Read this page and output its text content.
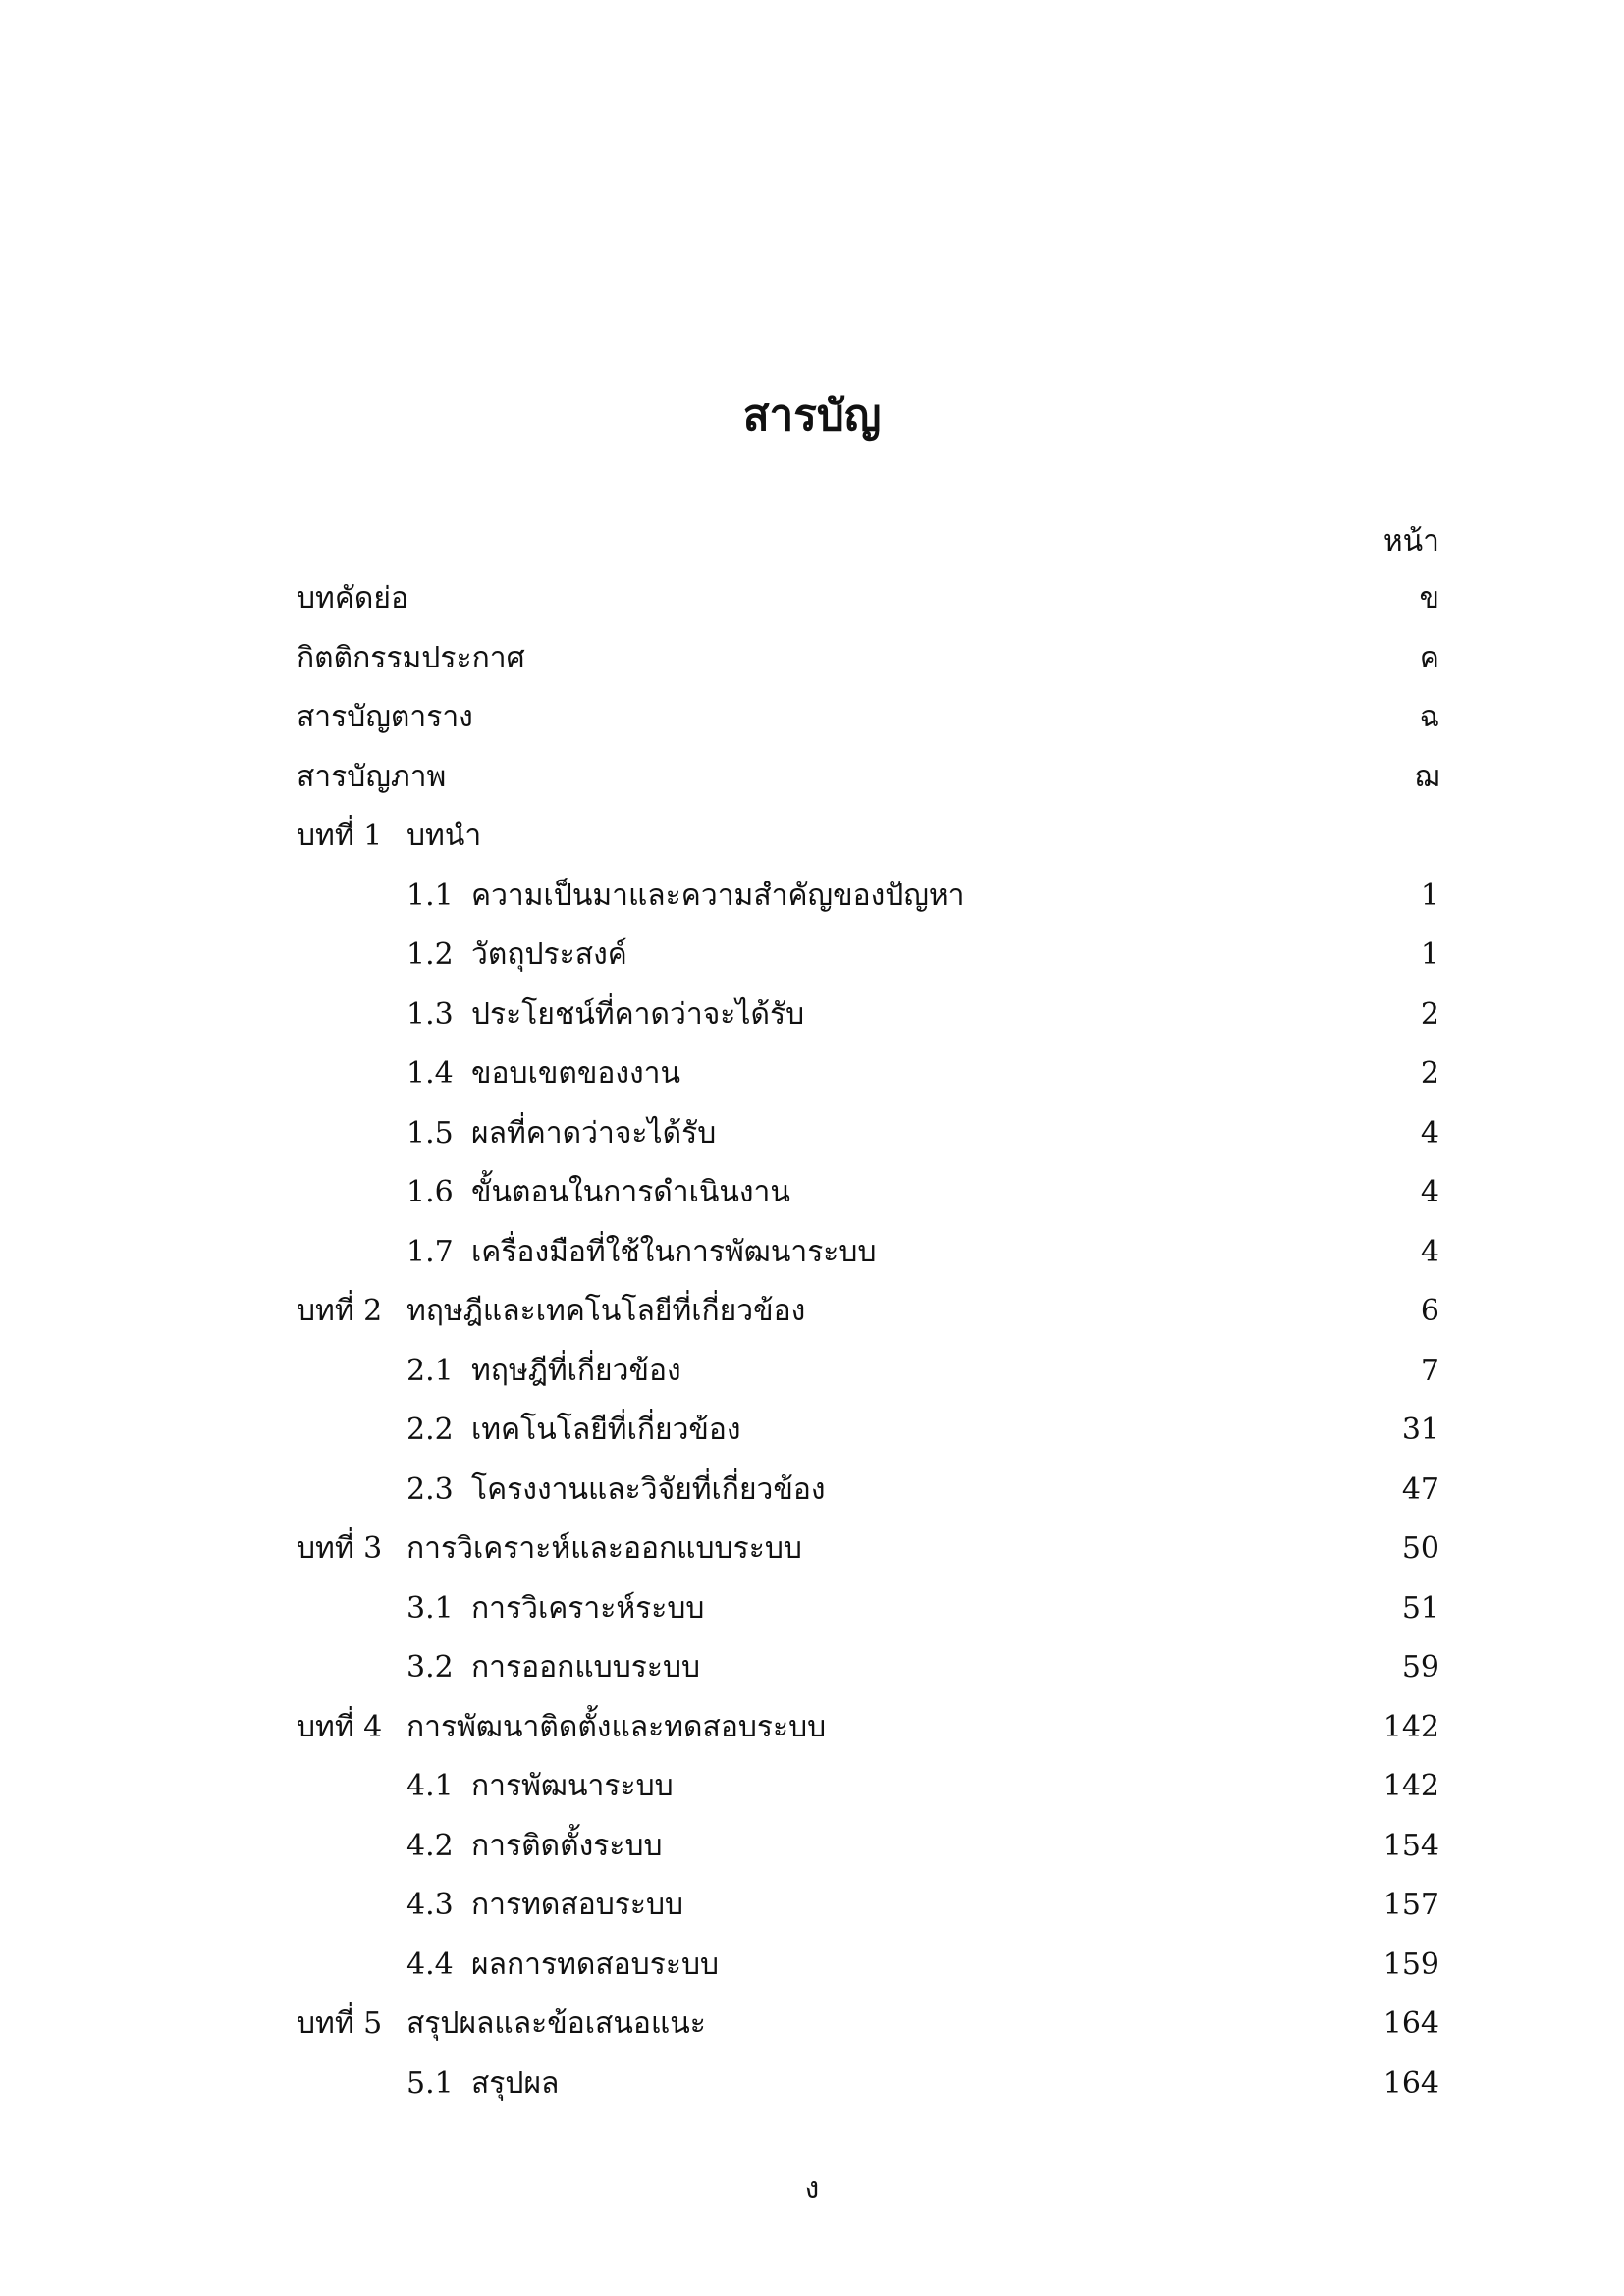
สารบัญ
หน้า
บทคัดย่อ	ข
กิตติกรรมประกาศ	ค
สารบัญตาราง	ฉ
สารบัญภาพ	ฌ
บทที่ 1 บทนำ
1.1 ความเป็นมาและความสำคัญของปัญหา	1
1.2 วัตถุประสงค์	1
1.3 ประโยชน์ที่คาดว่าจะได้รับ	2
1.4 ขอบเขตของงาน	2
1.5 ผลที่คาดว่าจะได้รับ	4
1.6 ขั้นตอนในการดำเนินงาน	4
1.7 เครื่องมือที่ใช้ในการพัฒนาระบบ	4
บทที่ 2 ทฤษฎีและเทคโนโลยีที่เกี่ยวข้อง	6
2.1 ทฤษฎีที่เกี่ยวข้อง	7
2.2 เทคโนโลยีที่เกี่ยวข้อง	31
2.3 โครงงานและวิจัยที่เกี่ยวข้อง	47
บทที่ 3 การวิเคราะห์และออกแบบระบบ	50
3.1 การวิเคราะห์ระบบ	51
3.2 การออกแบบระบบ	59
บทที่ 4 การพัฒนาติดตั้งและทดสอบระบบ	142
4.1 การพัฒนาระบบ	142
4.2 การติดตั้งระบบ	154
4.3 การทดสอบระบบ	157
4.4 ผลการทดสอบระบบ	159
บทที่ 5 สรุปผลและข้อเสนอแนะ	164
5.1 สรุปผล	164
ง
